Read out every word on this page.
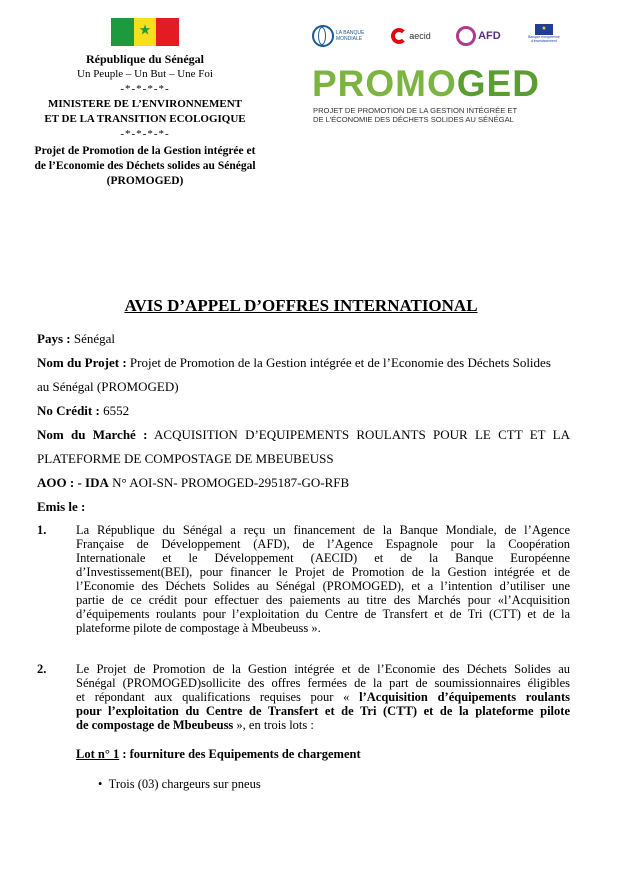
★
République du Sénégal
Un Peuple – Un But – Une Foi
-*-*-*-*-
MINISTERE DE L’ENVIRONNEMENT
ET DE LA TRANSITION ECOLOGIQUE
-*-*-*-*-
Projet de Promotion de la Gestion intégrée et
de l’Economie des Déchets solides au Sénégal
(PROMOGED)
LA BANQUE MONDIALE	aecid	AFD
★
Banque européenne d'investissement
PROMOGED
PROJET DE PROMOTION DE LA GESTION INTÉGRÉE ET
DE L’ÉCONOMIE DES DÉCHETS SOLIDES AU SÉNÉGAL
AVIS D’APPEL D’OFFRES INTERNATIONAL
Pays : Sénégal
Nom du Projet : Projet de Promotion de la Gestion intégrée et de l’Economie des Déchets Solides
au Sénégal (PROMOGED)
No Crédit : 6552
Nom du Marché : ACQUISITION D’EQUIPEMENTS ROULANTS POUR LE CTT ET LA
PLATEFORME DE COMPOSTAGE DE MBEUBEUSS
AOO : - IDA N° AOI-SN- PROMOGED-295187-GO-RFB
Emis le :
1. La République du Sénégal a reçu un financement de la Banque Mondiale, de l’Agence
Française de Développement (AFD), de l’Agence Espagnole pour la Coopération
Internationale et le Développement (AECID) et de la Banque Européenne
d’Investissement(BEI), pour financer le Projet de Promotion de la Gestion intégrée et de
l’Economie des Déchets Solides au Sénégal (PROMOGED), et a l’intention d’utiliser une
partie de ce crédit pour effectuer des paiements au titre des Marchés pour «l’Acquisition
d’équipements roulants pour l’exploitation du Centre de Transfert et de Tri (CTT) et de la
plateforme pilote de compostage à Mbeubeuss ».
2. Le Projet de Promotion de la Gestion intégrée et de l’Economie des Déchets Solides au
Sénégal (PROMOGED)sollicite des offres fermées de la part de soumissionnaires éligibles
et répondant aux qualifications requises pour « l’Acquisition d’équipements roulants
pour l’exploitation du Centre de Transfert et de Tri (CTT) et de la plateforme pilote
de compostage de Mbeubeuss », en trois lots :
Lot n° 1 : fourniture des Equipements de chargement
• Trois (03) chargeurs sur pneus
